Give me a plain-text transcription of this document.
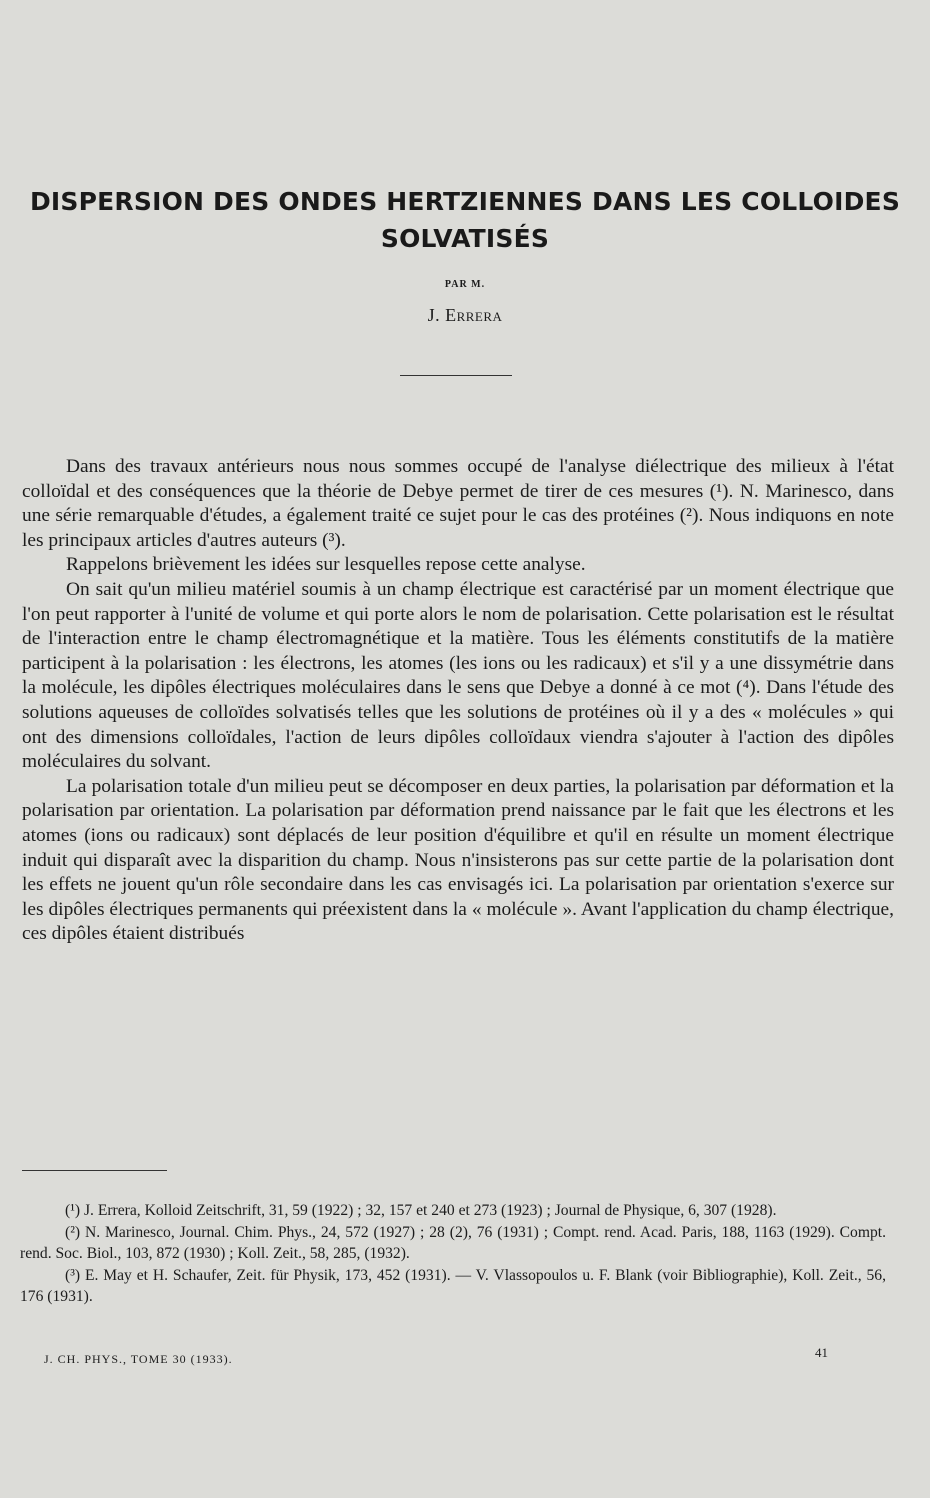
DISPERSION DES ONDES HERTZIENNES DANS LES COLLOIDES
SOLVATISÉS
PAR M.
J. Errera

Dans des travaux antérieurs nous nous sommes occupé de l'analyse diélectrique des milieux à l'état colloïdal et des conséquences que la théorie de Debye permet de tirer de ces mesures (¹). N. Marinesco, dans une série remarquable d'études, a également traité ce sujet pour le cas des protéines (²). Nous indiquons en note les principaux articles d'autres auteurs (³).

Rappelons brièvement les idées sur lesquelles repose cette analyse.

On sait qu'un milieu matériel soumis à un champ électrique est caractérisé par un moment électrique que l'on peut rapporter à l'unité de volume et qui porte alors le nom de polarisation. Cette polarisation est le résultat de l'interaction entre le champ électromagnétique et la matière. Tous les éléments constitutifs de la matière participent à la polarisation : les électrons, les atomes (les ions ou les radicaux) et s'il y a une dissymétrie dans la molécule, les dipôles électriques moléculaires dans le sens que Debye a donné à ce mot (⁴). Dans l'étude des solutions aqueuses de colloïdes solvatisés telles que les solutions de protéines où il y a des « molécules » qui ont des dimensions colloïdales, l'action de leurs dipôles colloïdaux viendra s'ajouter à l'action des dipôles moléculaires du solvant.

La polarisation totale d'un milieu peut se décomposer en deux parties, la polarisation par déformation et la polarisation par orientation. La polarisation par déformation prend naissance par le fait que les électrons et les atomes (ions ou radicaux) sont déplacés de leur position d'équilibre et qu'il en résulte un moment électrique induit qui disparaît avec la disparition du champ. Nous n'insisterons pas sur cette partie de la polarisation dont les effets ne jouent qu'un rôle secondaire dans les cas envisagés ici. La polarisation par orientation s'exerce sur les dipôles électriques permanents qui préexistent dans la « molécule ». Avant l'application du champ électrique, ces dipôles étaient distribués

(¹) J. Errera, Kolloid Zeitschrift, 31, 59 (1922) ; 32, 157 et 240 et 273 (1923) ; Journal de Physique, 6, 307 (1928).

(²) N. Marinesco, Journal. Chim. Phys., 24, 572 (1927) ; 28 (2), 76 (1931) ; Compt. rend. Acad. Paris, 188, 1163 (1929). Compt. rend. Soc. Biol., 103, 872 (1930) ; Koll. Zeit., 58, 285, (1932).

(³) E. May et H. Schaufer, Zeit. für Physik, 173, 452 (1931). — V. Vlassopoulos u. F. Blank (voir Bibliographie), Koll. Zeit., 56, 176 (1931).

J. CH. PHYS., TOME 30 (1933).	41
